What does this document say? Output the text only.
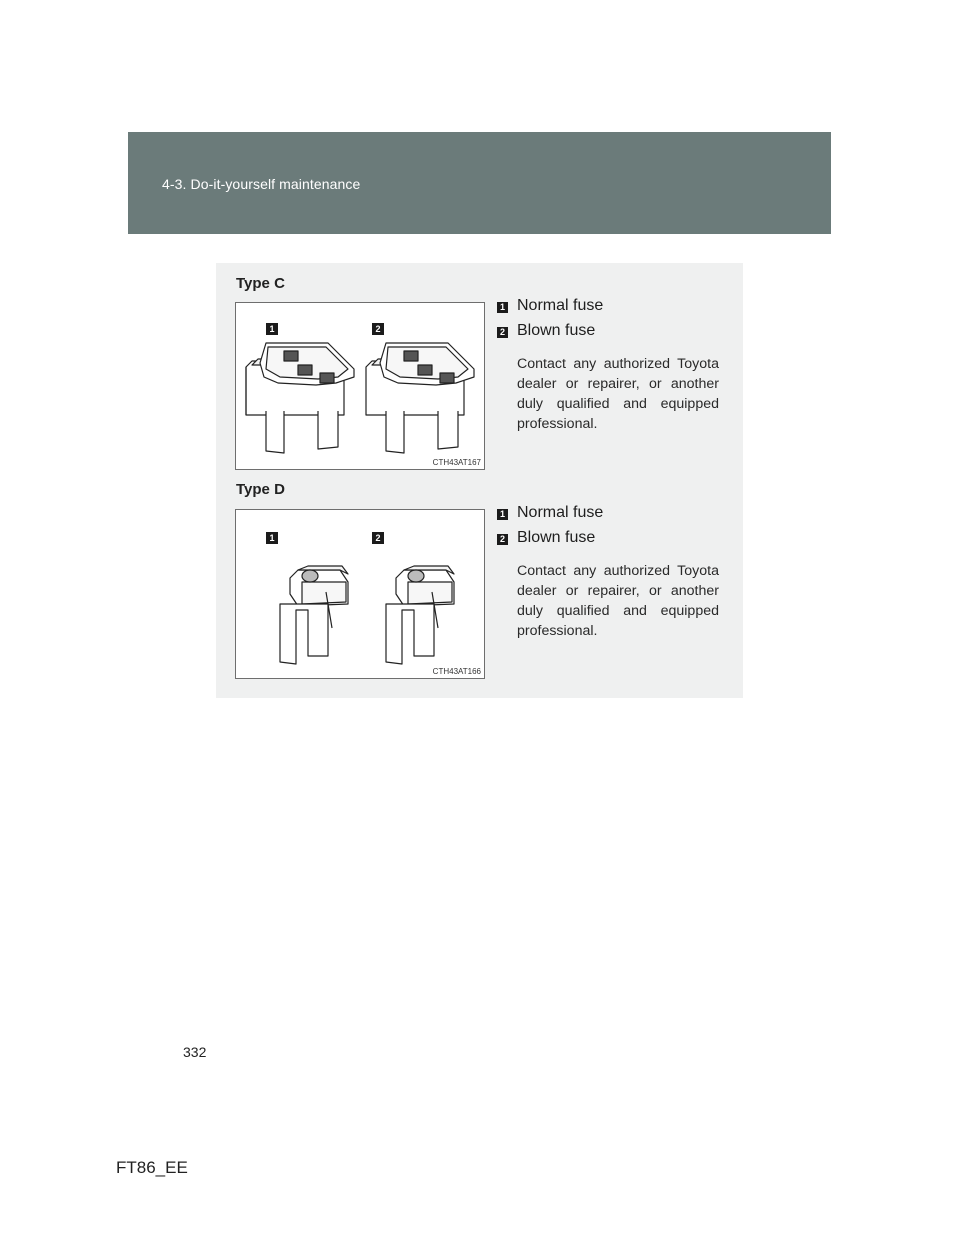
4-3. Do-it-yourself maintenance
Type C
1	2
CTH43AT167
1 Normal fuse
2 Blown fuse
Contact any authorized Toyota dealer or repairer, or another duly qualified and equipped professional.
Type D
1	2
CTH43AT166
1 Normal fuse
2 Blown fuse
Contact any authorized Toyota dealer or repairer, or another duly qualified and equipped professional.
332
FT86_EE
